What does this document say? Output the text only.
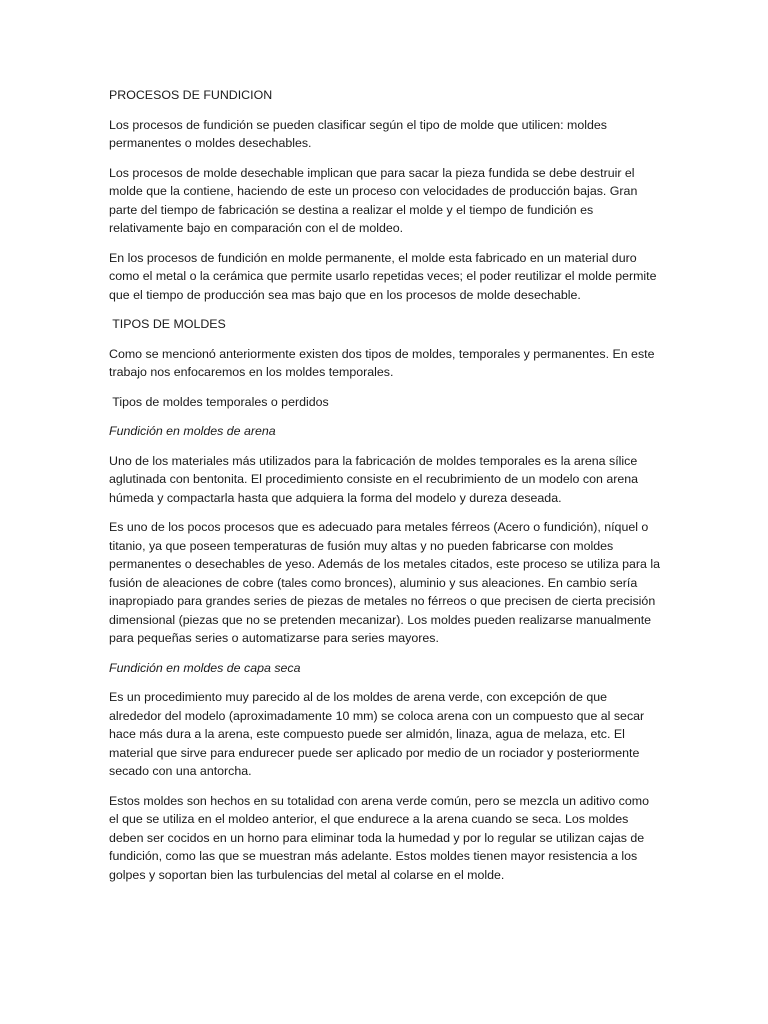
PROCESOS DE FUNDICION

Los procesos de fundición se pueden clasificar según el tipo de molde que utilicen: moldes permanentes o moldes desechables.

Los procesos de molde desechable implican que para sacar la pieza fundida se debe destruir el molde que la contiene, haciendo de este un proceso con velocidades de producción bajas. Gran parte del tiempo de fabricación se destina a realizar el molde y el tiempo de fundición es relativamente bajo en comparación con el de moldeo.

En los procesos de fundición en molde permanente, el molde esta fabricado en un material duro como el metal o la cerámica que permite usarlo repetidas veces; el poder reutilizar el molde permite que el tiempo de producción sea mas bajo que en los procesos de molde desechable.

TIPOS DE MOLDES

Como se mencionó anteriormente existen dos tipos de moldes, temporales y permanentes. En este trabajo nos enfocaremos en los moldes temporales.

Tipos de moldes temporales o perdidos

Fundición en moldes de arena

Uno de los materiales más utilizados para la fabricación de moldes temporales es la arena sílice aglutinada con bentonita. El procedimiento consiste en el recubrimiento de un modelo con arena húmeda y compactarla hasta que adquiera la forma del modelo y dureza deseada.

Es uno de los pocos procesos que es adecuado para metales férreos (Acero o fundición), níquel o titanio, ya que poseen temperaturas de fusión muy altas y no pueden fabricarse con moldes permanentes o desechables de yeso. Además de los metales citados, este proceso se utiliza para la fusión de aleaciones de cobre (tales como bronces), aluminio y sus aleaciones. En cambio sería inapropiado para grandes series de piezas de metales no férreos o que precisen de cierta precisión dimensional (piezas que no se pretenden mecanizar). Los moldes pueden realizarse manualmente para pequeñas series o automatizarse para series mayores.

Fundición en moldes de capa seca

Es un procedimiento muy parecido al de los moldes de arena verde, con excepción de que alrededor del modelo (aproximadamente 10 mm) se coloca arena con un compuesto que al secar hace más dura a la arena, este compuesto puede ser almidón, linaza, agua de melaza, etc. El material que sirve para endurecer puede ser aplicado por medio de un rociador y posteriormente secado con una antorcha.

Estos moldes son hechos en su totalidad con arena verde común, pero se mezcla un aditivo como el que se utiliza en el moldeo anterior, el que endurece a la arena cuando se seca. Los moldes deben ser cocidos en un horno para eliminar toda la humedad y por lo regular se utilizan cajas de fundición, como las que se muestran más adelante. Estos moldes tienen mayor resistencia a los golpes y soportan bien las turbulencias del metal al colarse en el molde.
